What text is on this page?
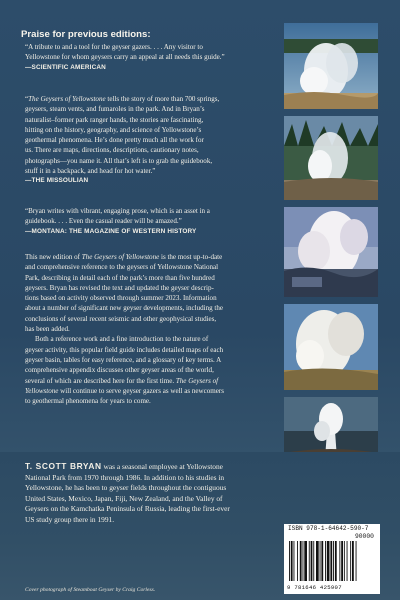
Praise for previous editions:

“A tribute to and a tool for the geyser gazers. . . . Any visitor to

Yellowstone for whom geysers carry an appeal at all needs this guide.”

—SCIENTIFIC AMERICAN

“The Geysers of Yellowstone tells the story of more than 700 springs,

geysers, steam vents, and fumaroles in the park. And in Bryan’s

naturalist–former park ranger hands, the stories are fascinating,

hitting on the history, geography, and science of Yellowstone’s

geothermal phenomena. He’s done pretty much all the work for

us. There are maps, directions, descriptions, cautionary notes,

photographs—you name it. All that’s left is to grab the guidebook,

stuff it in a backpack, and head for hot water.”

—THE MISSOULIAN

“Bryan writes with vibrant, engaging prose, which is an asset in a

guidebook. . . . Even the casual reader will be amazed.”

—MONTANA: THE MAGAZINE OF WESTERN HISTORY

This new edition of The Geysers of Yellowstone is the most up-to-date
and comprehensive reference to the geysers of Yellowstone National
Park, describing in detail each of the park’s more than five hundred
geysers. Bryan has revised the text and updated the geyser descrip-
tions based on activity observed through summer 2023. Information
about a number of significant new geyser developments, including the
conclusions of several recent seismic and other geophysical studies,
has been added.

Both a reference work and a fine introduction to the nature of
geyser activity, this popular field guide includes detailed maps of each
geyser basin, tables for easy reference, and a glossary of key terms. A
comprehensive appendix discusses other geyser areas of the world,
several of which are described here for the first time. The Geysers of
Yellowstone will continue to serve geyser gazers as well as newcomers
to geothermal phenomena for years to come.

T. SCOTT BRYAN was a seasonal employee at Yellowstone
National Park from 1970 through 1986. In addition to his studies in
Yellowstone, he has been to geyser fields throughout the contiguous
United States, Mexico, Japan, Fiji, New Zealand, and the Valley of
Geysers on the Kamchatka Peninsula of Russia, leading the first-ever
US study group there in 1991.
Cover photograph of Steamboat Geyser by Craig Corless.
ISBN 978-1-64642-590-7
90000
9 781646 425907
